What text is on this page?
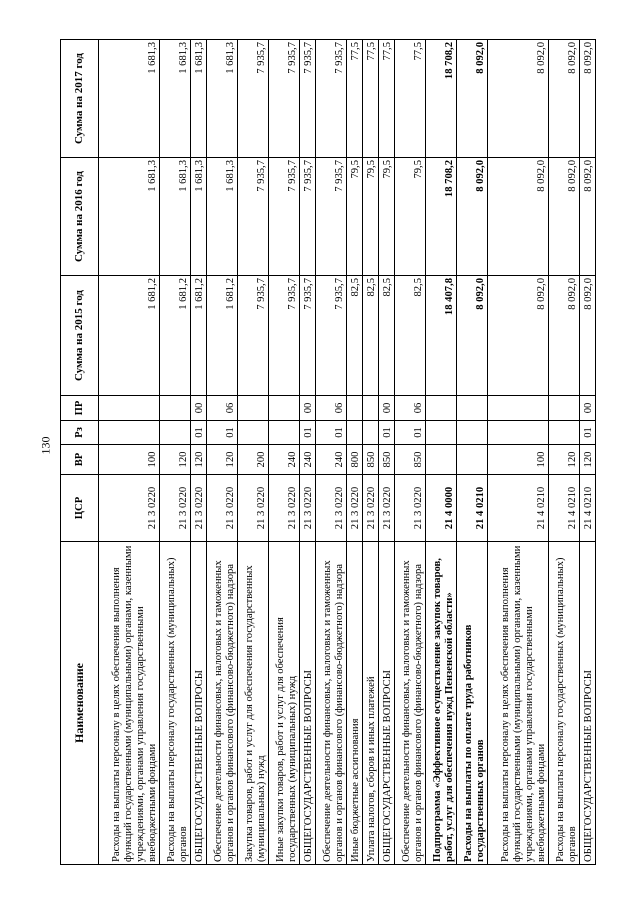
130
Наименование	ЦСР	ВР	Рз	ПР	Сумма на 2015 год	Сумма на 2016 год	Сумма на 2017 год
Расходы на выплаты персоналу в целях обеспечения выполнения функций государственными (муниципальными) органами, казенными учреждениями, органами управления государственными внебюджетными фондами	21 3 0220	100			1 681,2	1 681,3	1 681,3
Расходы на выплаты персоналу государственных (муниципальных) органов	21 3 0220	120			1 681,2	1 681,3	1 681,3
ОБЩЕГОСУДАРСТВЕННЫЕ ВОПРОСЫ	21 3 0220	120	01	00	1 681,2	1 681,3	1 681,3
Обеспечение деятельности финансовых, налоговых и таможенных органов и органов финансового (финансово-бюджетного) надзора	21 3 0220	120	01	06	1 681,2	1 681,3	1 681,3
Закупка товаров, работ и услуг для обеспечения государственных (муниципальных) нужд	21 3 0220	200			7 935,7	7 935,7	7 935,7
Иные закупки товаров, работ и услуг для обеспечения государственных (муниципальных) нужд	21 3 0220	240			7 935,7	7 935,7	7 935,7
ОБЩЕГОСУДАРСТВЕННЫЕ ВОПРОСЫ	21 3 0220	240	01	00	7 935,7	7 935,7	7 935,7
Обеспечение деятельности финансовых, налоговых и таможенных органов и органов финансового (финансово-бюджетного) надзора	21 3 0220	240	01	06	7 935,7	7 935,7	7 935,7
Иные бюджетные ассигнования	21 3 0220	800			82,5	79,5	77,5
Уплата налогов, сборов и иных платежей	21 3 0220	850			82,5	79,5	77,5
ОБЩЕГОСУДАРСТВЕННЫЕ ВОПРОСЫ	21 3 0220	850	01	00	82,5	79,5	77,5
Обеспечение деятельности финансовых, налоговых и таможенных органов и органов финансового (финансово-бюджетного) надзора	21 3 0220	850	01	06	82,5	79,5	77,5
Подпрограмма «Эффективное осуществление закупок товаров, работ, услуг для обеспечения нужд Пензенской области»	21 4 0000				18 407,8	18 708,2	18 708,2
Расходы на выплаты по оплате труда работников государственных органов	21 4 0210				8 092,0	8 092,0	8 092,0
Расходы на выплаты персоналу в целях обеспечения выполнения функций государственными (муниципальными) органами, казенными учреждениями, органами управления государственными внебюджетными фондами	21 4 0210	100			8 092,0	8 092,0	8 092,0
Расходы на выплаты персоналу государственных (муниципальных) органов	21 4 0210	120			8 092,0	8 092,0	8 092,0
ОБЩЕГОСУДАРСТВЕННЫЕ ВОПРОСЫ	21 4 0210	120	01	00	8 092,0	8 092,0	8 092,0
